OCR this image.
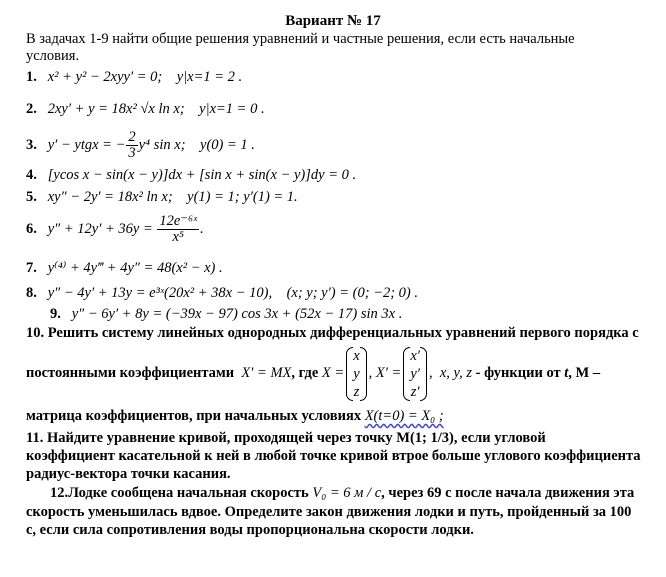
Вариант № 17
В задачах 1-9 найти общие решения уравнений и частные решения, если есть начальные
условия.
1. x² + y² − 2xyy′ = 0; y|x=1 = 2 .
2. 2xy′ + y = 18x² √x ln x; y|x=1 = 0 .
3. y′ − ytgx = − $\frac{2}{3} y^4$ sin x; y(0) = 1 .
4. [ycos x − sin(x − y)]dx + [sin x + sin(x − y)]dy = 0 .
5. xy″ − 2y′ = 18x² ln x; y(1) = 1; y′(1) = 1.
6. $y'' + 12y' + 36y = \frac{\text{12e⁻⁶ˣ}}{\text{x⁵}}$ .
7. y⁽⁴⁾ + 4y‴ + 4y″ = 48(x² − x) .
8. y″ − 4y′ + 13y = e³ˣ(20x² + 38x − 10), (x; y; y′) = (0; −2; 0) .
9. y″ − 6y′ + 8y = (−39x − 97) cos 3x + (52x − 17) sin 3x .
10. Решить систему линейных однородных дифференциальных уравнений первого порядка с
постоянными коэффициентами X′ = MX, где X =
x
y
z
, X′ =
x′
y′
z′
,  x, y, z - функции от t, M –
матрица коэффициентов, при начальных условиях X(t=0) = X₀ ;
11. Найдите уравнение кривой, проходящей через точку М(1; 1/3), если угловой
коэффициент касательной к ней в любой точке кривой втрое больше углового коэффициента
радиус-вектора точки касания.
12.Лодке сообщена начальная скорость V₀ = 6 м / с, через 69 с после начала движения эта
скорость уменьшилась вдвое. Определите закон движения лодки и путь, пройденный за 100
с, если сила сопротивления воды пропорциональна скорости лодки.
